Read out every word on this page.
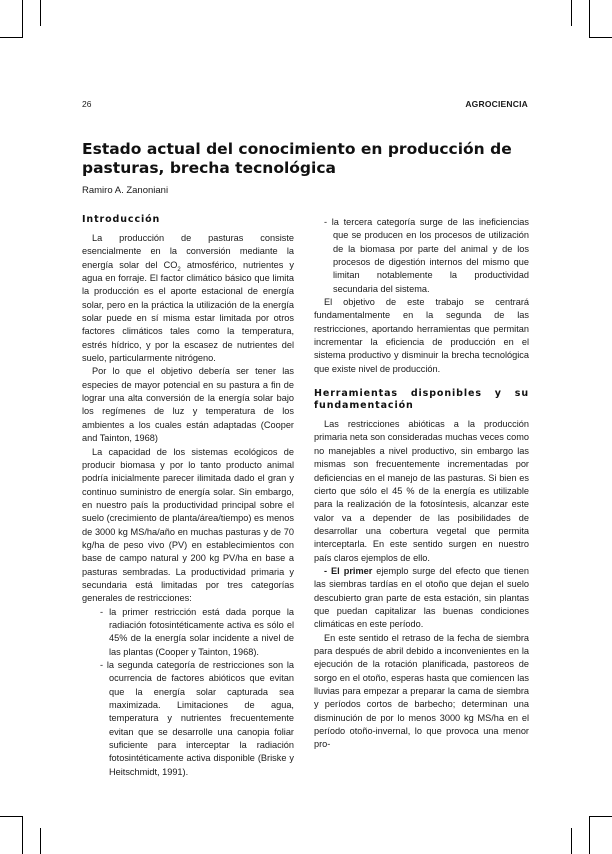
26	AGROCIENCIA
Estado actual del conocimiento en producción de pasturas, brecha tecnológica

Ramiro A. Zanoniani

Introducción

La producción de pasturas consiste esencialmente en la conversión mediante la energía solar del $CO_2$ atmosférico, nutrientes y agua en forraje. El factor climático básico que limita la producción es el aporte estacional de energía solar, pero en la práctica la utilización de la energía solar puede en sí misma estar limitada por otros factores climáticos tales como la temperatura, estrés hídrico, y por la escasez de nutrientes del suelo, particularmente nitrógeno.

Por lo que el objetivo debería ser tener las especies de mayor potencial en su pastura a fin de lograr una alta conversión de la energía solar bajo los regímenes de luz y temperatura de los ambientes a los cuales están adaptadas (Cooper and Tainton, 1968)

La capacidad de los sistemas ecológicos de producir biomasa y por lo tanto producto animal podría inicialmente parecer ilimitada dado el gran y continuo suministro de energía solar. Sin embargo, en nuestro país la productividad principal sobre el suelo (crecimiento de planta/área/tiempo) es menos de 3000 kg MS/ha/año en muchas pasturas y de 70 kg/ha de peso vivo (PV) en establecimientos con base de campo natural y 200 kg PV/ha en base a pasturas sembradas. La productividad primaria y secundaria está limitadas por tres categorías generales de restricciones:

- la primer restricción está dada porque la radiación fotosintéticamente activa es sólo el 45% de la energía solar incidente a nivel de las plantas (Cooper y Tainton, 1968).
- la segunda categoría de restricciones son la ocurrencia de factores abióticos que evitan que la energía solar capturada sea maximizada. Limitaciones de agua, temperatura y nutrientes frecuentemente evitan que se desarrolle una canopia foliar suficiente para interceptar la radiación fotosintéticamente activa disponible (Briske y Heitschmidt, 1991).
- la tercera categoría surge de las ineficiencias que se producen en los procesos de utilización de la biomasa por parte del animal y de los procesos de digestión internos del mismo que limitan notablemente la productividad secundaria del sistema.

El objetivo de este trabajo se centrará fundamentalmente en la segunda de las restricciones, aportando herramientas que permitan incrementar la eficiencia de producción en el sistema productivo y disminuir la brecha tecnológica que existe nivel de producción.

Herramientas disponibles y su fundamentación

Las restricciones abióticas a la producción primaria neta son consideradas muchas veces como no manejables a nivel productivo, sin embargo las mismas son frecuentemente incrementadas por deficiencias en el manejo de las pasturas. Si bien es cierto que sólo el 45 % de la energía es utilizable para la realización de la fotosíntesis, alcanzar este valor va a depender de las posibilidades de desarrollar una cobertura vegetal que permita interceptarla. En este sentido surgen en nuestro país claros ejemplos de ello.

- El primer ejemplo surge del efecto que tienen las siembras tardías en el otoño que dejan el suelo descubierto gran parte de esta estación, sin plantas que puedan capitalizar las buenas condiciones climáticas en este período.

En este sentido el retraso de la fecha de siembra para después de abril debido a inconvenientes en la ejecución de la rotación planificada, pastoreos de sorgo en el otoño, esperas hasta que comiencen las lluvias para empezar a preparar la cama de siembra y períodos cortos de barbecho; determinan una disminución de por lo menos 3000 kg MS/ha en el período otoño-invernal, lo que provoca una menor pro-
